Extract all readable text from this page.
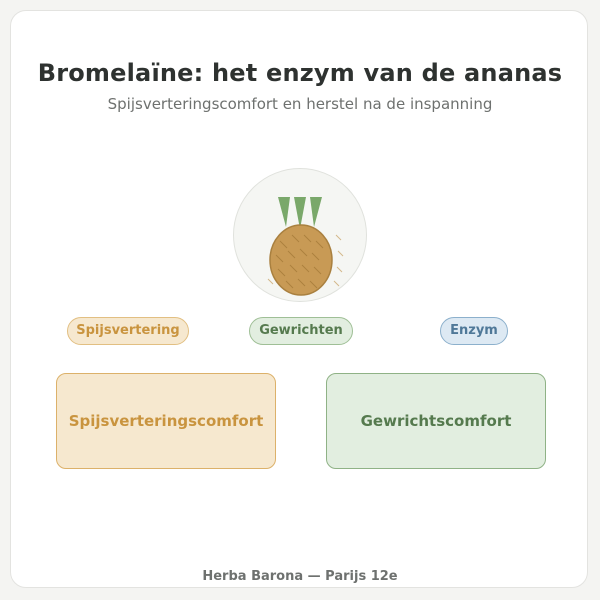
Bromelaïne: het enzym van de ananas
Spijsverteringscomfort en herstel na de inspanning
Spijsvertering	Gewrichten	Enzym
Spijsverteringscomfort	Gewrichtscomfort
Herba Barona — Parijs 12e
